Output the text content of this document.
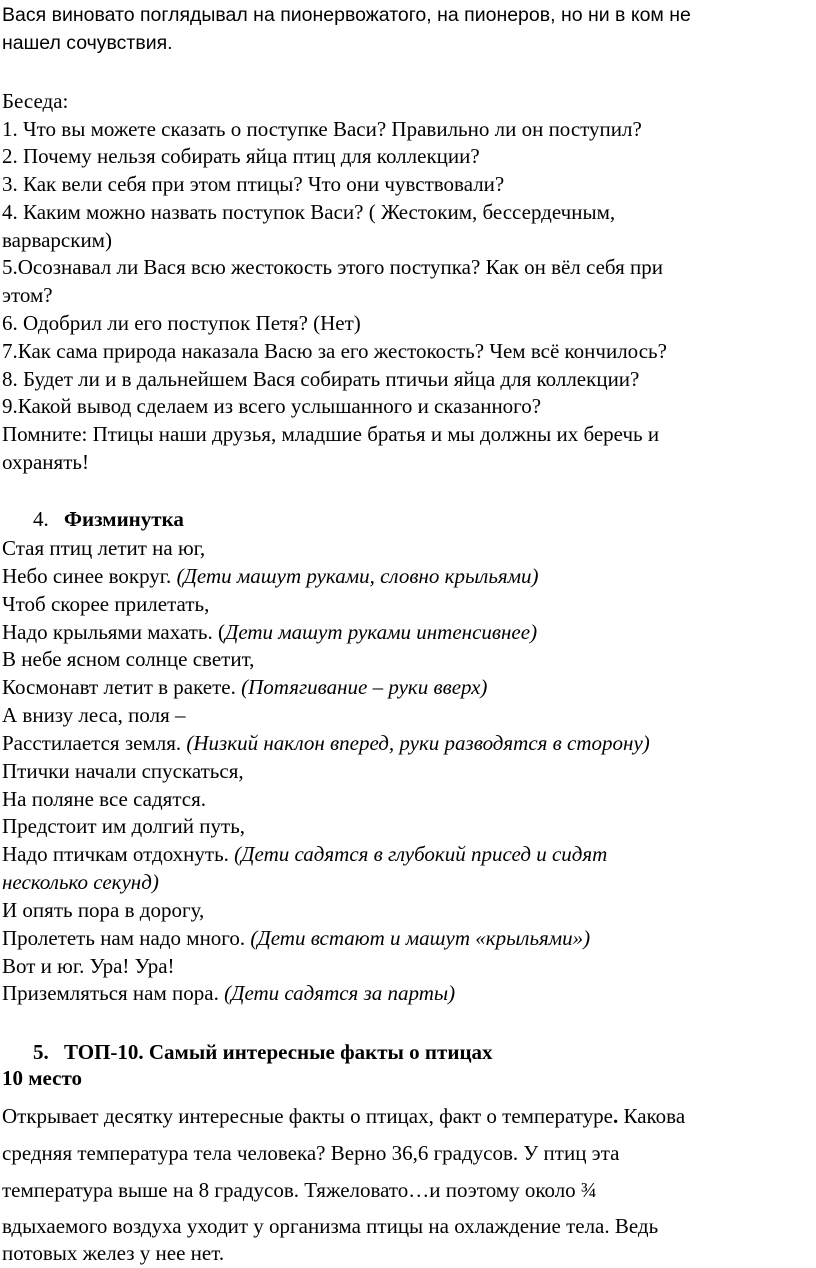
Вася виновато поглядывал на пионервожатого, на пионеров, но ни в ком не
нашел сочувствия.
Беседа:
1. Что вы можете сказать о поступке Васи? Правильно ли он поступил?
2. Почему нельзя собирать яйца птиц для коллекции?
3. Как вели себя при этом птицы? Что они чувствовали?
4. Каким можно назвать поступок Васи? ( Жестоким, бессердечным,
варварским)
5.Осознавал ли Вася всю жестокость этого поступка? Как он вёл себя при
этом?
6. Одобрил ли его поступок Петя? (Нет)
7.Как сама природа наказала Васю за его жестокость? Чем всё кончилось?
8. Будет ли и в дальнейшем Вася собирать птичьи яйца для коллекции?
9.Какой вывод сделаем из всего услышанного и сказанного?
Помните: Птицы наши друзья, младшие братья и мы должны их беречь и
охранять!
4. Физминутка
Стая птиц летит на юг,
Небо синее вокруг. (Дети машут руками, словно крыльями)
Чтоб скорее прилетать,
Надо крыльями махать. (Дети машут руками интенсивнее)
В небе ясном солнце светит,
Космонавт летит в ракете. (Потягивание – руки вверх)
А внизу леса, поля –
Расстилается земля. (Низкий наклон вперед, руки разводятся в сторону)
Птички начали спускаться,
На поляне все садятся.
Предстоит им долгий путь,
Надо птичкам отдохнуть. (Дети садятся в глубокий присед и сидят
несколько секунд)
И опять пора в дорогу,
Пролететь нам надо много. (Дети встают и машут «крыльями»)
Вот и юг. Ура! Ура!
Приземляться нам пора. (Дети садятся за парты)
5. ТОП-10. Самый интересные факты о птицах
10 место
Открывает десятку интересные факты о птицах, факт о температуре. Какова
средняя температура тела человека? Верно 36,6 градусов. У птиц эта
температура выше на 8 градусов. Тяжеловато…и поэтому около ¾
вдыхаемого воздуха уходит у организма птицы на охлаждение тела. Ведь
потовых желез у нее нет.
